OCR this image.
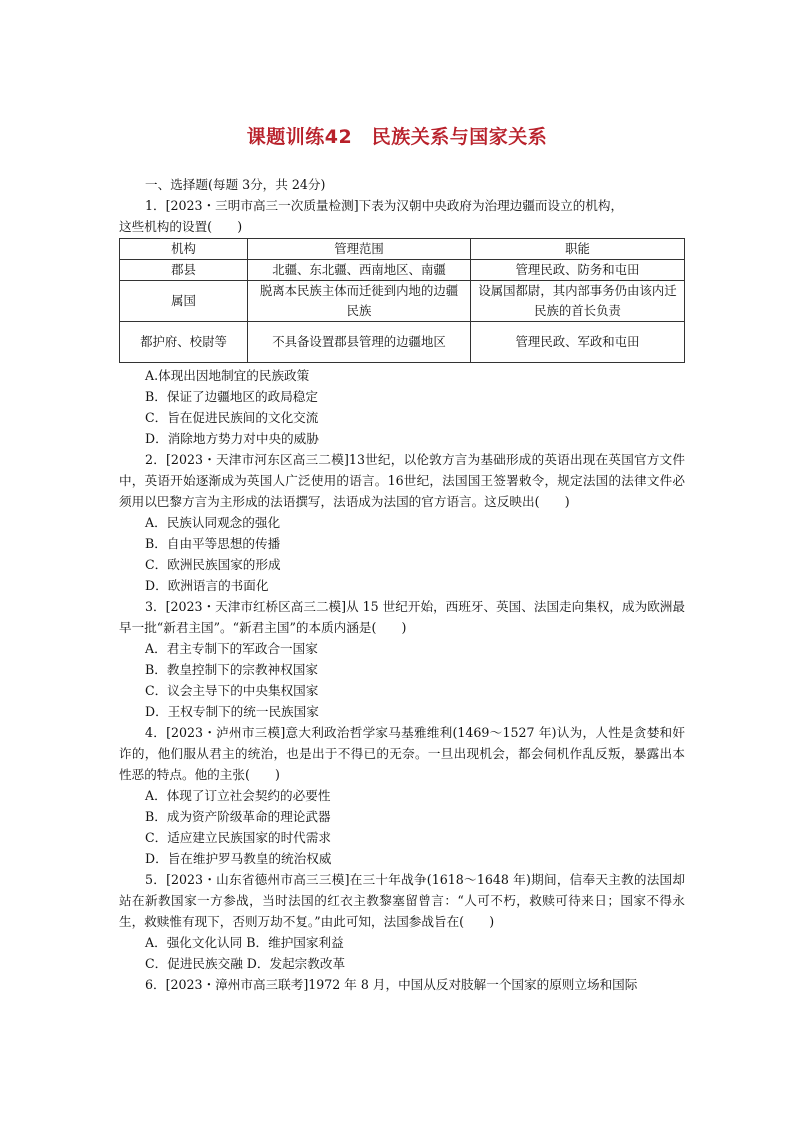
课题训练42　民族关系与国家关系
一、选择题(每题 3分，共 24分)
1．[2023・三明市高三一次质量检测]下表为汉朝中央政府为治理边疆而设立的机构，
这些机构的设置(　　)
机构	管理范围	职能
郡县	北疆、东北疆、西南地区、南疆	管理民政、防务和屯田
属国	脱离本民族主体而迁徙到内地的边疆民族	设属国都尉，其内部事务仍由该内迁民族的首长负责
都护府、校尉等	不具备设置郡县管理的边疆地区	管理民政、军政和屯田
A.体现出因地制宜的民族政策
B．保证了边疆地区的政局稳定
C．旨在促进民族间的文化交流
D．消除地方势力对中央的威胁

2．[2023・天津市河东区高三二模]13世纪，以伦敦方言为基础形成的英语出现在英国官方文件中，英语开始逐渐成为英国人广泛使用的语言。16世纪，法国国王签署敕令，规定法国的法律文件必须用以巴黎方言为主形成的法语撰写，法语成为法国的官方语言。这反映出(　　)

A．民族认同观念的强化
B．自由平等思想的传播
C．欧洲民族国家的形成
D．欧洲语言的书面化

3．[2023・天津市红桥区高三二模]从 15 世纪开始，西班牙、英国、法国走向集权，成为欧洲最早一批“新君主国”。“新君主国”的本质内涵是(　　)

A．君主专制下的军政合一国家
B．教皇控制下的宗教神权国家
C．议会主导下的中央集权国家
D．王权专制下的统一民族国家

4．[2023・泸州市三模]意大利政治哲学家马基雅维利(1469～1527 年)认为，人性是贪婪和奸诈的，他们服从君主的统治，也是出于不得已的无奈。一旦出现机会，都会伺机作乱反叛，暴露出本性恶的特点。他的主张(　　)

A．体现了订立社会契约的必要性
B．成为资产阶级革命的理论武器
C．适应建立民族国家的时代需求
D．旨在维护罗马教皇的统治权威

5．[2023・山东省德州市高三三模]在三十年战争(1618～1648 年)期间，信奉天主教的法国却站在新教国家一方参战，当时法国的红衣主教黎塞留曾言：“人可不朽，救赎可待来日；国家不得永生，救赎惟有现下，否则万劫不复。”由此可知，法国参战旨在(　　)

A．强化文化认同 B．维护国家利益
C．促进民族交融 D．发起宗教改革
6．[2023・漳州市高三联考]1972 年 8 月，中国从反对肢解一个国家的原则立场和国际
